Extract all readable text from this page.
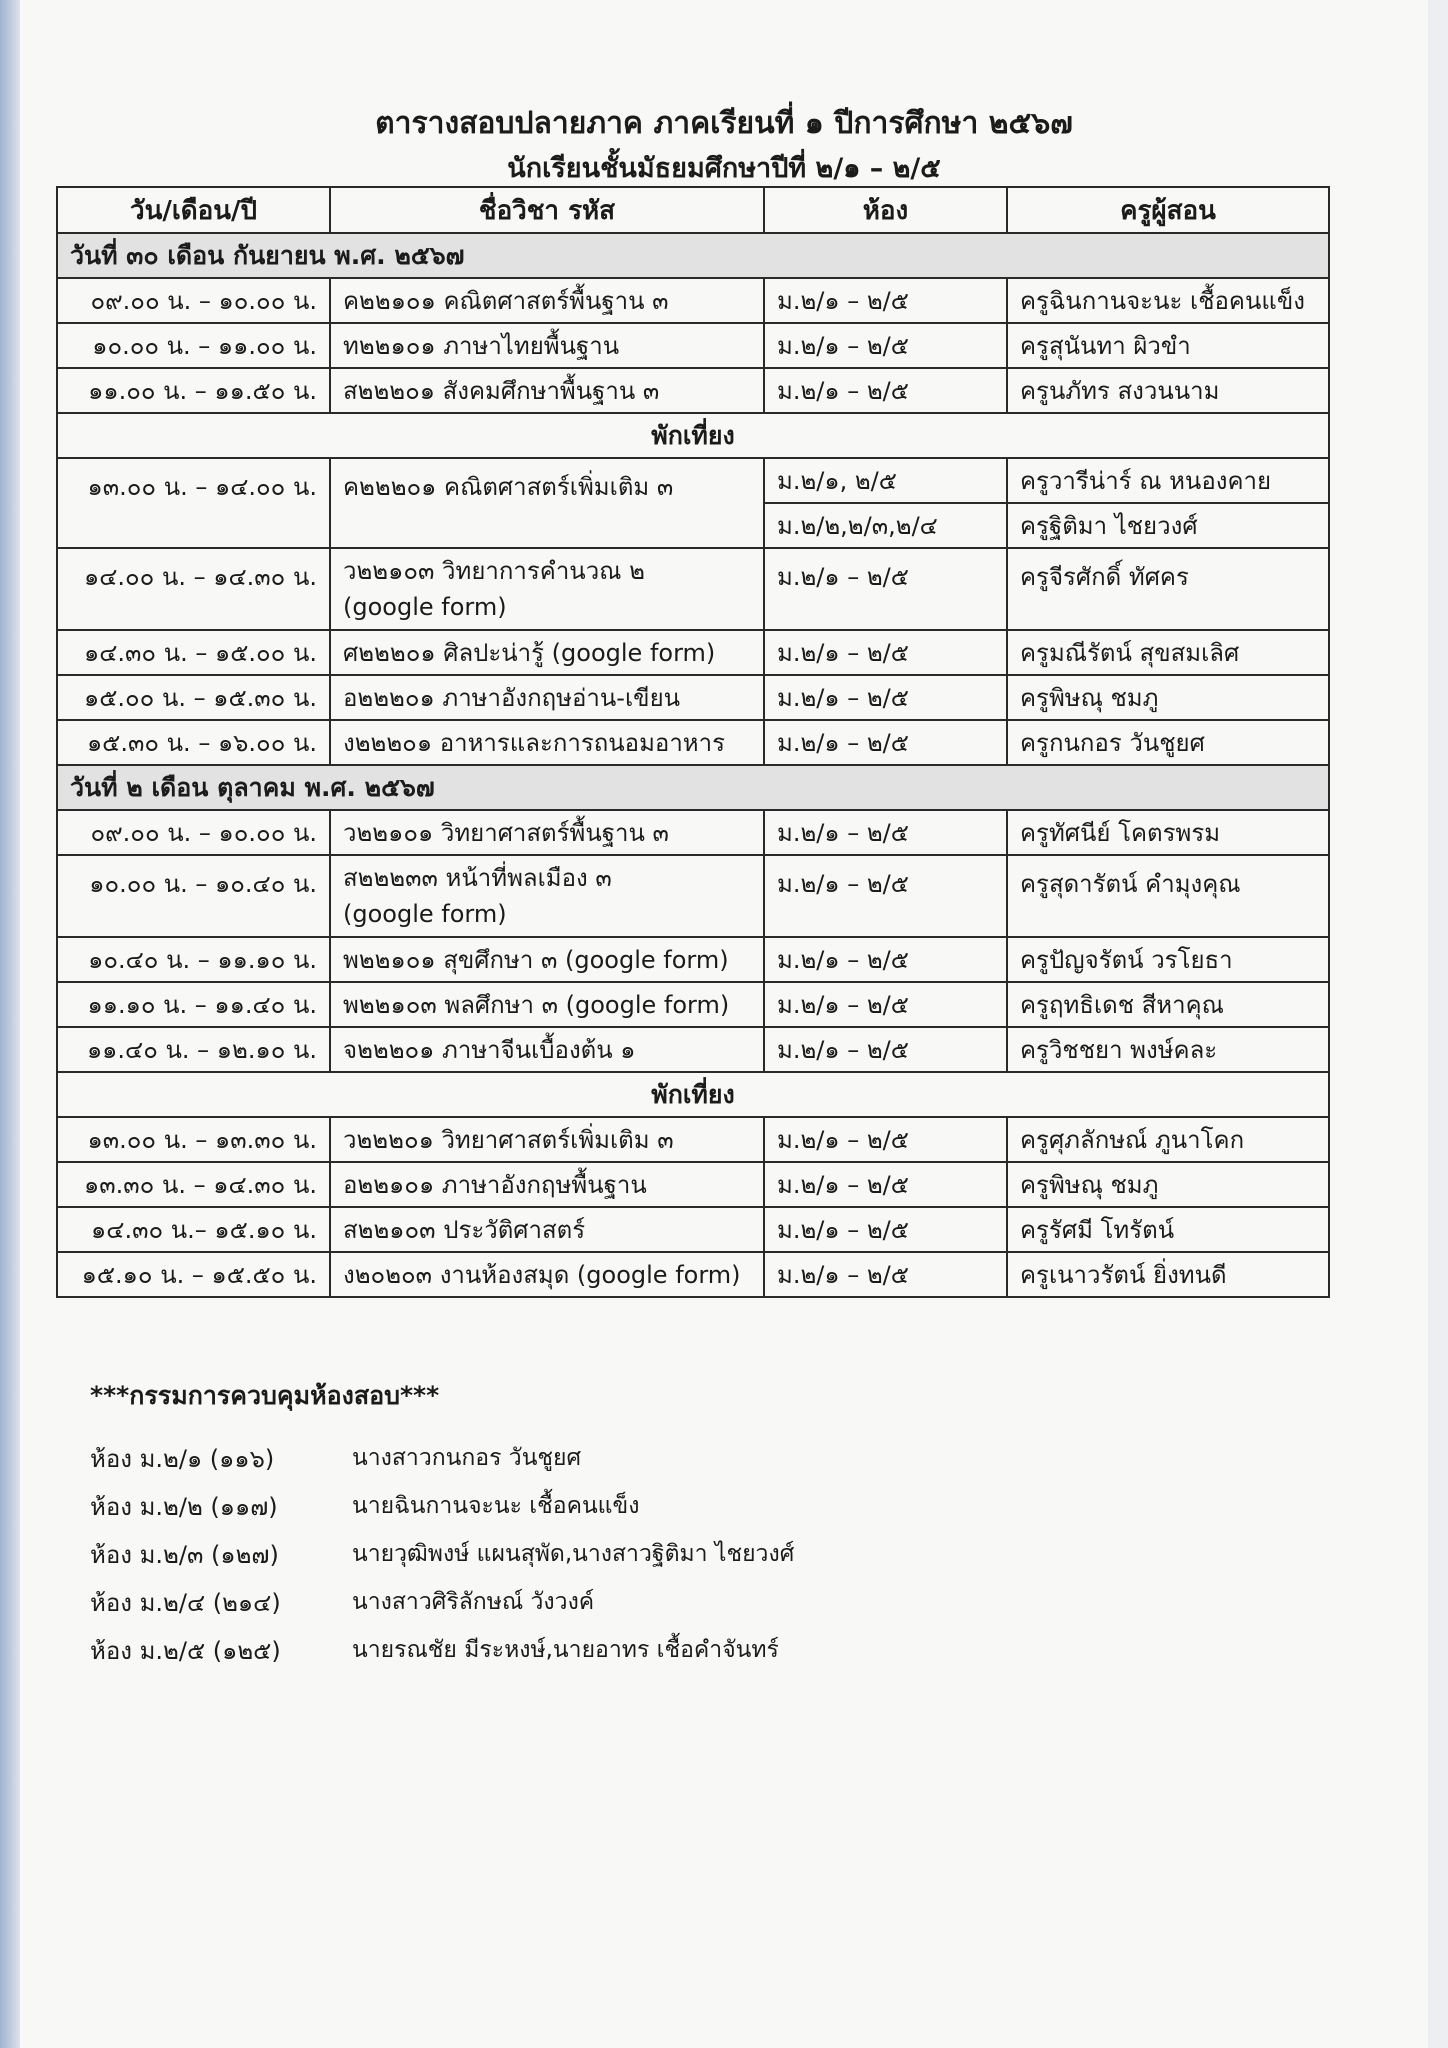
ตารางสอบปลายภาค ภาคเรียนที่ ๑ ปีการศึกษา ๒๕๖๗
นักเรียนชั้นมัธยมศึกษาปีที่ ๒/๑ – ๒/๕
วัน/เดือน/ปี	ชื่อวิชา รหัส	ห้อง	ครูผู้สอน
วันที่ ๓๐ เดือน กันยายน พ.ศ. ๒๕๖๗			
๐๙.๐๐ น. – ๑๐.๐๐ น.	ค๒๒๑๐๑ คณิตศาสตร์พื้นฐาน ๓	ม.๒/๑ – ๒/๕	ครูฉินกานจะนะ เชื้อคนแข็ง
๑๐.๐๐ น. – ๑๑.๐๐ น.	ท๒๒๑๐๑ ภาษาไทยพื้นฐาน	ม.๒/๑ – ๒/๕	ครูสุนันทา ผิวขำ
๑๑.๐๐ น. – ๑๑.๕๐ น.	ส๒๒๒๐๑ สังคมศึกษาพื้นฐาน ๓	ม.๒/๑ – ๒/๕	ครูนภัทร สงวนนาม
พักเที่ยง			
๑๓.๐๐ น. – ๑๔.๐๐ น.	ค๒๒๒๐๑ คณิตศาสตร์เพิ่มเติม ๓	ม.๒/๑, ๒/๕	ครูวารีน่าร์ ณ หนองคาย
		ม.๒/๒,๒/๓,๒/๔	ครูฐิติมา ไชยวงศ์
๑๔.๐๐ น. – ๑๔.๓๐ น.	ว๒๒๑๐๓ วิทยาการคำนวณ ๒
(google form)	ม.๒/๑ – ๒/๕	ครูจีรศักดิ์ ทัศคร
๑๔.๓๐ น. – ๑๕.๐๐ น.	ศ๒๒๒๐๑ ศิลปะน่ารู้ (google form)	ม.๒/๑ – ๒/๕	ครูมณีรัตน์ สุขสมเลิศ
๑๕.๐๐ น. – ๑๕.๓๐ น.	อ๒๒๒๐๑ ภาษาอังกฤษอ่าน-เขียน	ม.๒/๑ – ๒/๕	ครูพิษณุ ชมภู
๑๕.๓๐ น. – ๑๖.๐๐ น.	ง๒๒๒๐๑ อาหารและการถนอมอาหาร	ม.๒/๑ – ๒/๕	ครูกนกอร วันชูยศ
วันที่ ๒ เดือน ตุลาคม พ.ศ. ๒๕๖๗			
๐๙.๐๐ น. – ๑๐.๐๐ น.	ว๒๒๑๐๑ วิทยาศาสตร์พื้นฐาน ๓	ม.๒/๑ – ๒/๕	ครูทัศนีย์ โคตรพรม
๑๐.๐๐ น. – ๑๐.๔๐ น.	ส๒๒๒๓๓ หน้าที่พลเมือง ๓
(google form)	ม.๒/๑ – ๒/๕	ครูสุดารัตน์ คำมุงคุณ
๑๐.๔๐ น. – ๑๑.๑๐ น.	พ๒๒๑๐๑ สุขศึกษา ๓ (google form)	ม.๒/๑ – ๒/๕	ครูปัญจรัตน์ วรโยธา
๑๑.๑๐ น. – ๑๑.๔๐ น.	พ๒๒๑๐๓ พลศึกษา ๓ (google form)	ม.๒/๑ – ๒/๕	ครูฤทธิเดช สีหาคุณ
๑๑.๔๐ น. – ๑๒.๑๐ น.	จ๒๒๒๐๑ ภาษาจีนเบื้องต้น ๑	ม.๒/๑ – ๒/๕	ครูวิชชยา พงษ์คละ
พักเที่ยง			
๑๓.๐๐ น. – ๑๓.๓๐ น.	ว๒๒๒๐๑ วิทยาศาสตร์เพิ่มเติม ๓	ม.๒/๑ – ๒/๕	ครูศุภลักษณ์ ภูนาโคก
๑๓.๓๐ น. – ๑๔.๓๐ น.	อ๒๒๑๐๑ ภาษาอังกฤษพื้นฐาน	ม.๒/๑ – ๒/๕	ครูพิษณุ ชมภู
๑๔.๓๐ น.– ๑๕.๑๐ น.	ส๒๒๑๐๓ ประวัติศาสตร์	ม.๒/๑ – ๒/๕	ครูรัศมี โทรัตน์
๑๕.๑๐ น. – ๑๕.๕๐ น.	ง๒๐๒๐๓ งานห้องสมุด (google form)	ม.๒/๑ – ๒/๕	ครูเนาวรัตน์ ยิ่งทนดี
***กรรมการควบคุมห้องสอบ***
ห้อง ม.๒/๑ (๑๑๖)	นางสาวกนกอร วันชูยศ
ห้อง ม.๒/๒ (๑๑๗)	นายฉินกานจะนะ เชื้อคนแข็ง
ห้อง ม.๒/๓ (๑๒๗)	นายวุฒิพงษ์ แผนสุพัด,นางสาวฐิติมา ไชยวงศ์
ห้อง ม.๒/๔ (๒๑๔)	นางสาวศิริลักษณ์ วังวงค์
ห้อง ม.๒/๕ (๑๒๕)	นายรณชัย มีระหงษ์,นายอาทร เชื้อคำจันทร์
